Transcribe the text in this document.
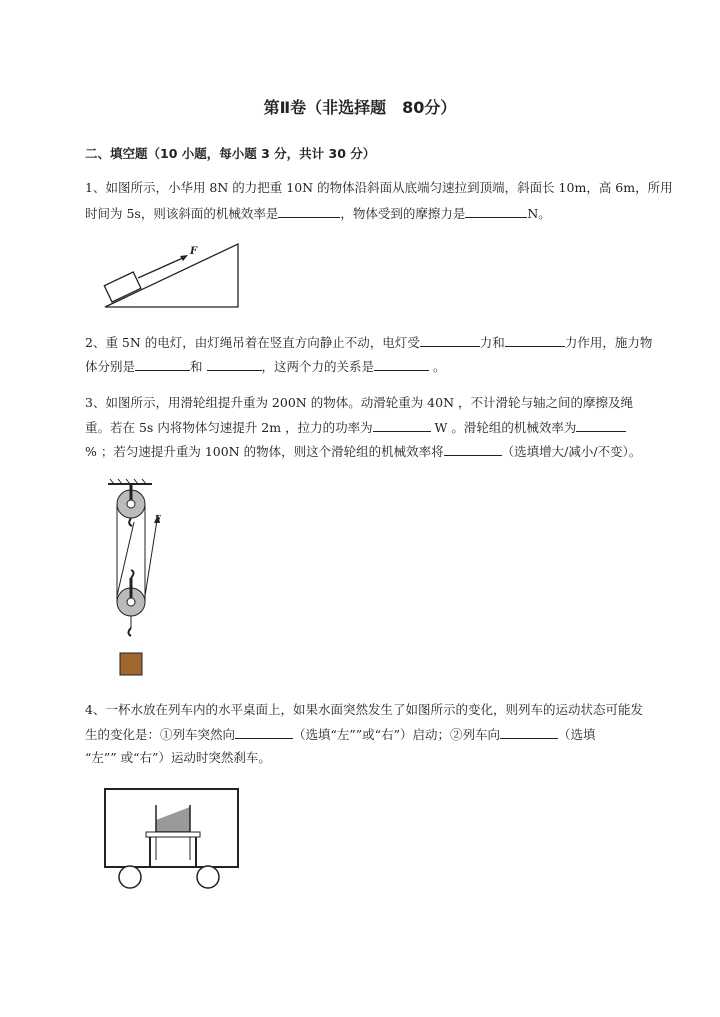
第Ⅱ卷（非选择题　80分）
二、填空题（10 小题，每小题 3 分，共计 30 分）
1、如图所示，小华用 8N 的力把重 10N 的物体沿斜面从底端匀速拉到顶端，斜面长 10m，高 6m，所用
时间为 5s，则该斜面的机械效率是	，物体受到的摩擦力是	N。
F
2、重 5N 的电灯，由灯绳吊着在竖直方向静止不动，电灯受	力和	力作用，施力物
体分别是	和	，这两个力的关系是	。
3、如图所示，用滑轮组提升重为 200N 的物体。动滑轮重为 40N ，不计滑轮与轴之间的摩擦及绳
重。若在 5s 内将物体匀速提升 2m ，拉力的功率为	W 。滑轮组的机械效率为
% ；若匀速提升重为 100N 的物体，则这个滑轮组的机械效率将	（选填增大/减小/不变）。
F
4、一杯水放在列车内的水平桌面上，如果水面突然发生了如图所示的变化，则列车的运动状态可能发
生的变化是：①列车突然向	（选填“左””或“右”）启动；②列车向	（选填
“左”” 或“右”）运动时突然刹车。
